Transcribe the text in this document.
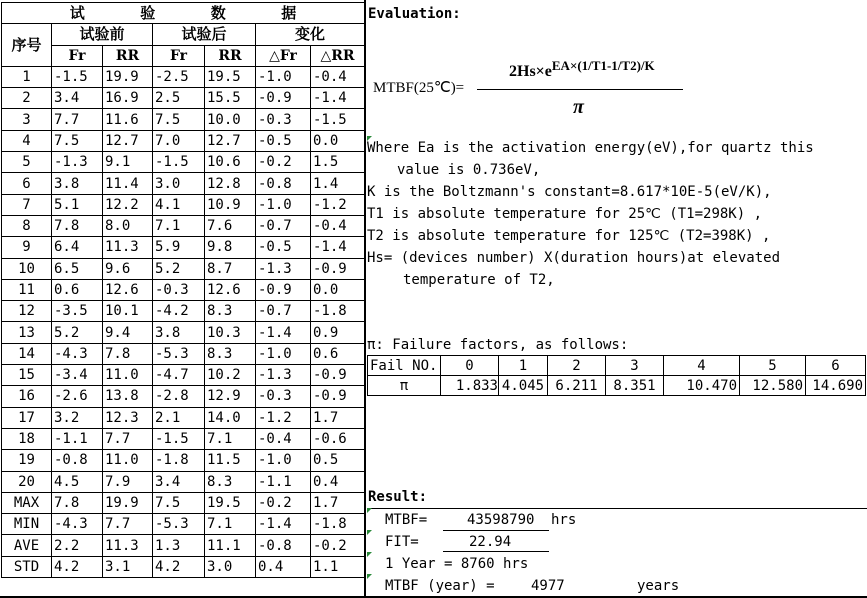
试 验 数 据						

序号	试验前		试验后		变化	
	Fr	RR	Fr	RR	△Fr	△RR
1	-1.5	19.9	-2.5	19.5	-1.0	-0.4
2	3.4	16.9	2.5	15.5	-0.9	-1.4
3	7.7	11.6	7.5	10.0	-0.3	-1.5
4	7.5	12.7	7.0	12.7	-0.5	0.0
5	-1.3	9.1	-1.5	10.6	-0.2	1.5
6	3.8	11.4	3.0	12.8	-0.8	1.4
7	5.1	12.2	4.1	10.9	-1.0	-1.2
8	7.8	8.0	7.1	7.6	-0.7	-0.4
9	6.4	11.3	5.9	9.8	-0.5	-1.4
10	6.5	9.6	5.2	8.7	-1.3	-0.9
11	0.6	12.6	-0.3	12.6	-0.9	0.0
12	-3.5	10.1	-4.2	8.3	-0.7	-1.8
13	5.2	9.4	3.8	10.3	-1.4	0.9
14	-4.3	7.8	-5.3	8.3	-1.0	0.6
15	-3.4	11.0	-4.7	10.2	-1.3	-0.9
16	-2.6	13.8	-2.8	12.9	-0.3	-0.9
17	3.2	12.3	2.1	14.0	-1.2	1.7
18	-1.1	7.7	-1.5	7.1	-0.4	-0.6
19	-0.8	11.0	-1.8	11.5	-1.0	0.5
20	4.5	7.9	3.4	8.3	-1.1	0.4
MAX	7.8	19.9	7.5	19.5	-0.2	1.7
MIN	-4.3	7.7	-5.3	7.1	-1.4	-1.8
AVE	2.2	11.3	1.3	11.1	-0.8	-0.2
STD	4.2	3.1	4.2	3.0	0.4	1.1
Evaluation:
MTBF(25℃)=
$2Hs\times e^{EA\times(1/T1-1/T2)/K}$
π
Where Ea is the activation energy(eV),for quartz this
value is 0.736eV,
K is the Boltzmann's constant=8.617*10E-5(eV/K),
T1 is absolute temperature for 25℃ (T1=298K) ,
T2 is absolute temperature for 125℃ (T2=398K) ,
Hs= (devices number) X(duration hours)at elevated
temperature of T2,
π: Failure factors, as follows:
Fail NO.	0	1	2	3	4	5	6
π	1.833	4.045	6.211	8.351	10.470	12.580	14.690
Result:
MTBF=	43598790 hrs
FIT=	22.94
1 Year = 8760 hrs
MTBF (year) =	4977	years
